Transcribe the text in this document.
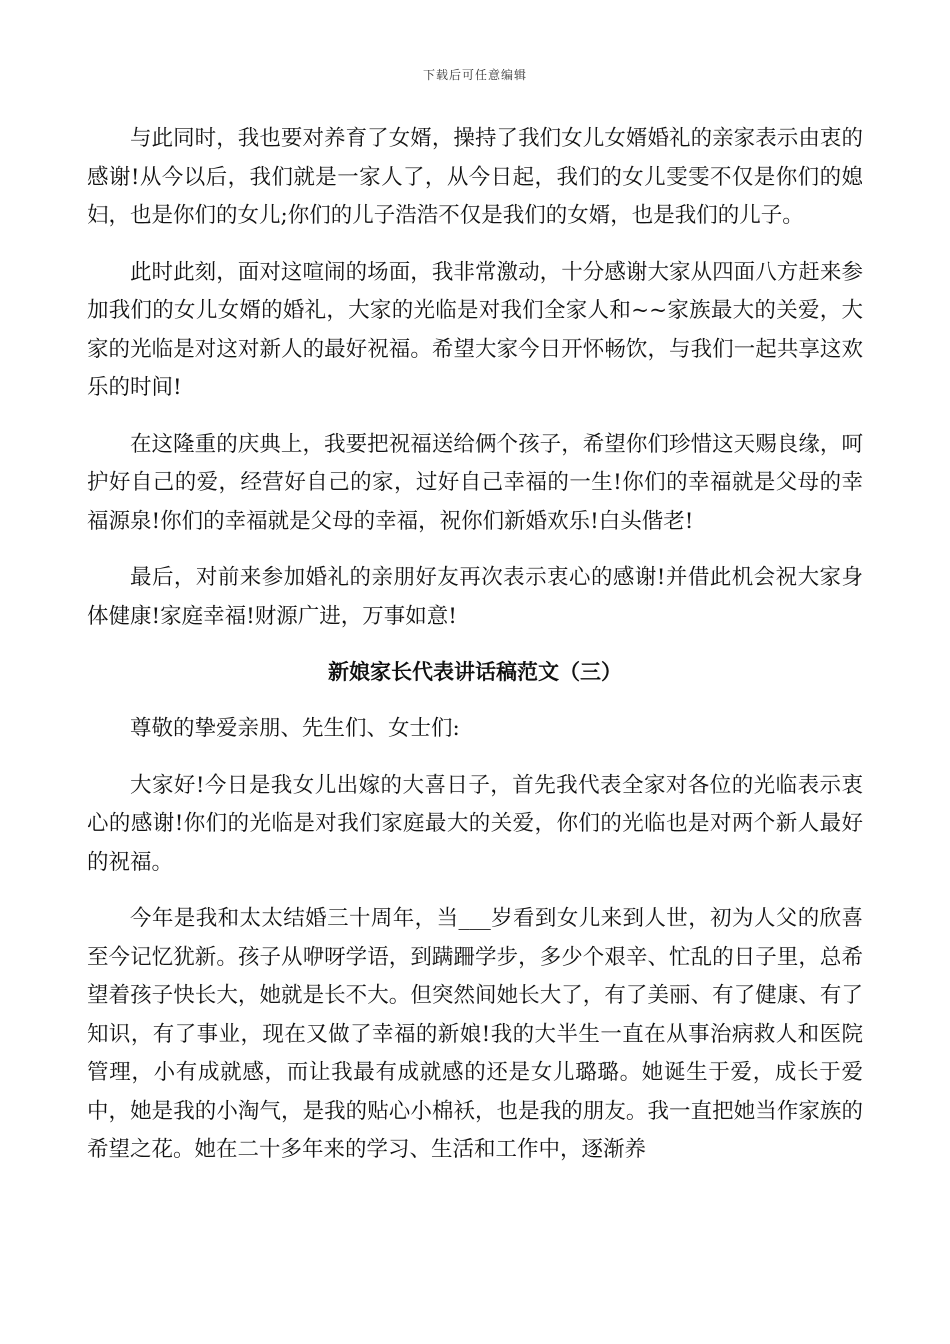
下载后可任意编辑

与此同时，我也要对养育了女婿，操持了我们女儿女婿婚礼的亲家表示由衷的感谢!从今以后，我们就是一家人了，从今日起，我们的女儿雯雯不仅是你们的媳妇，也是你们的女儿;你们的儿子浩浩不仅是我们的女婿，也是我们的儿子。

此时此刻，面对这喧闹的场面，我非常激动，十分感谢大家从四面八方赶来参加我们的女儿女婿的婚礼，大家的光临是对我们全家人和~~家族最大的关爱，大家的光临是对这对新人的最好祝福。希望大家今日开怀畅饮，与我们一起共享这欢乐的时间!

在这隆重的庆典上，我要把祝福送给俩个孩子，希望你们珍惜这天赐良缘，呵护好自己的爱，经营好自己的家，过好自己幸福的一生!你们的幸福就是父母的幸福源泉!你们的幸福就是父母的幸福，祝你们新婚欢乐!白头偕老!

最后，对前来参加婚礼的亲朋好友再次表示衷心的感谢!并借此机会祝大家身体健康!家庭幸福!财源广进，万事如意!

新娘家长代表讲话稿范文（三）

尊敬的挚爱亲朋、先生们、女士们:

大家好!今日是我女儿出嫁的大喜日子，首先我代表全家对各位的光临表示衷心的感谢!你们的光临是对我们家庭最大的关爱，你们的光临也是对两个新人最好的祝福。

今年是我和太太结婚三十周年，当___岁看到女儿来到人世，初为人父的欣喜至今记忆犹新。孩子从咿呀学语，到蹒跚学步，多少个艰辛、忙乱的日子里，总希望着孩子快长大，她就是长不大。但突然间她长大了，有了美丽、有了健康、有了知识，有了事业，现在又做了幸福的新娘!我的大半生一直在从事治病救人和医院管理，小有成就感，而让我最有成就感的还是女儿璐璐。她诞生于爱，成长于爱中，她是我的小淘气，是我的贴心小棉袄，也是我的朋友。我一直把她当作家族的希望之花。她在二十多年来的学习、生活和工作中，逐渐养
